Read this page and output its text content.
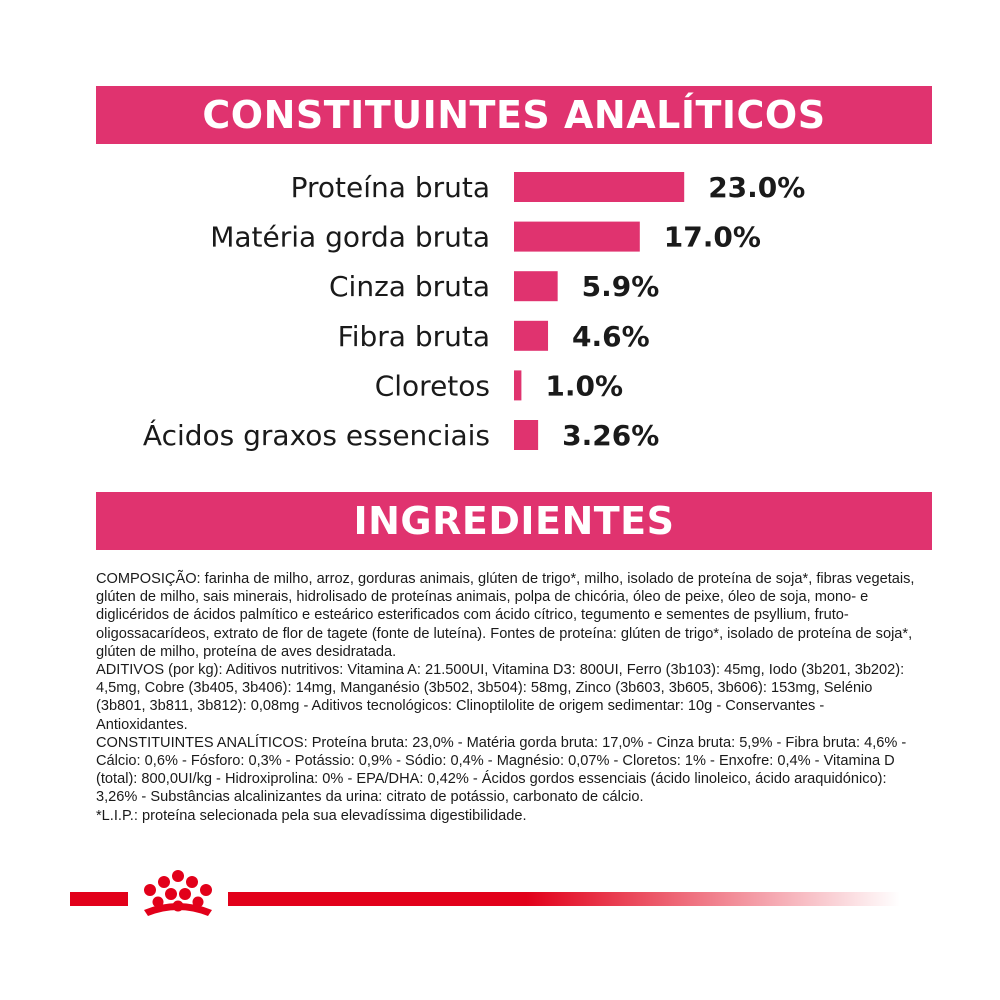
CONSTITUINTES ANALÍTICOS
Proteína bruta	23.0%
Matéria gorda bruta	17.0%
Cinza bruta	5.9%
Fibra bruta	4.6%
Cloretos 1.0%
Ácidos graxos essenciais	3.26%
INGREDIENTES

COMPOSIÇÃO: farinha de milho, arroz, gorduras animais, glúten de trigo*, milho, isolado de proteína de soja*, fibras vegetais, glúten de milho, sais minerais, hidrolisado de proteínas animais, polpa de chicória, óleo de peixe, óleo de soja, mono- e diglicéridos de ácidos palmítico e esteárico esterificados com ácido cítrico, tegumento e sementes de psyllium, fruto-oligossacarídeos, extrato de flor de tagete (fonte de luteína). Fontes de proteína: glúten de trigo*, isolado de proteína de soja*, glúten de milho, proteína de aves desidratada.

ADITIVOS (por kg): Aditivos nutritivos: Vitamina A: 21.500UI, Vitamina D3: 800UI, Ferro (3b103): 45mg, Iodo (3b201, 3b202): 4,5mg, Cobre (3b405, 3b406): 14mg, Manganésio (3b502, 3b504): 58mg, Zinco (3b603, 3b605, 3b606): 153mg, Selénio (3b801, 3b811, 3b812): 0,08mg - Aditivos tecnológicos: Clinoptilolite de origem sedimentar: 10g - Conservantes - Antioxidantes.

CONSTITUINTES ANALÍTICOS: Proteína bruta: 23,0% - Matéria gorda bruta: 17,0% - Cinza bruta: 5,9% - Fibra bruta: 4,6% - Cálcio: 0,6% - Fósforo: 0,3% - Potássio: 0,9% - Sódio: 0,4% - Magnésio: 0,07% - Cloretos: 1% - Enxofre: 0,4% - Vitamina D (total): 800,0UI/kg - Hidroxiprolina: 0% - EPA/DHA: 0,42% - Ácidos gordos essenciais (ácido linoleico, ácido araquidónico): 3,26% - Substâncias alcalinizantes da urina: citrato de potássio, carbonato de cálcio.

*L.I.P.: proteína selecionada pela sua elevadíssima digestibilidade.
